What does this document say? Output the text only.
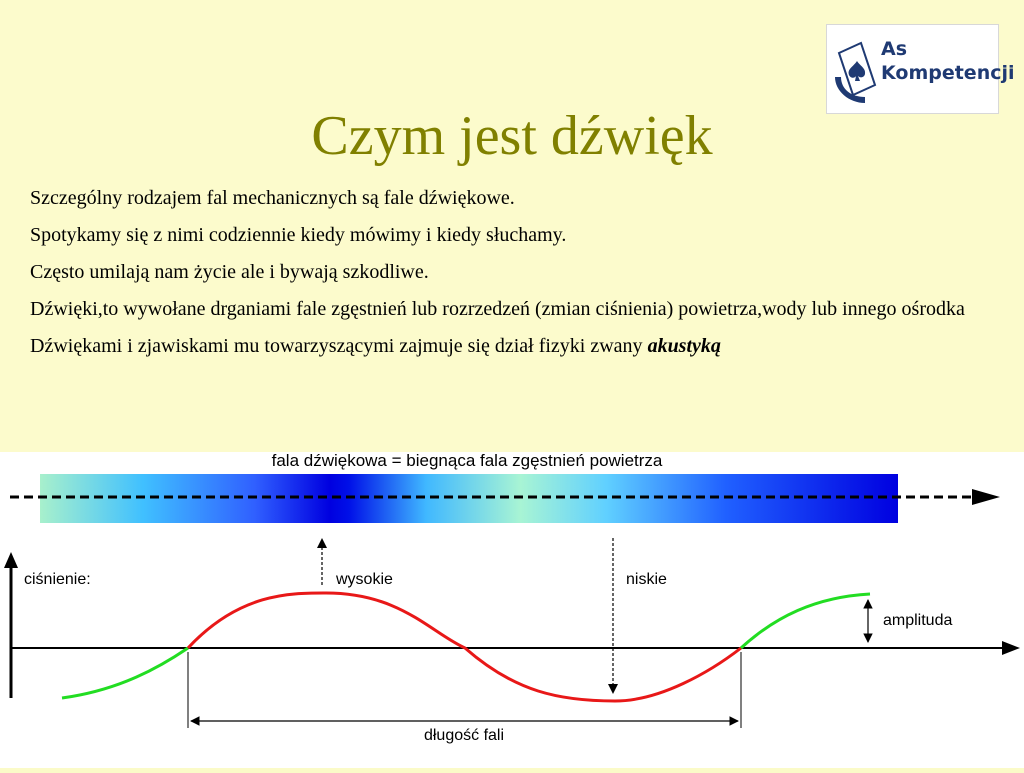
As
Kompetencji
Czym jest dźwięk

Szczególny rodzajem fal mechanicznych są fale dźwiękowe.

Spotykamy się z nimi codziennie kiedy mówimy i kiedy słuchamy.

Często umilają nam życie ale i bywają szkodliwe.

Dźwięki,to wywołane drganiami fale zgęstnień lub rozrzedzeń (zmian ciśnienia) powietrza,wody lub innego ośrodka

Dźwiękami i zjawiskami mu towarzyszącymi zajmuje się dział fizyki zwany akustyką

fala dźwiękowa = biegnąca fala zgęstnień powietrza
ciśnienie:	wysokie	niskie
amplituda
długość fali
